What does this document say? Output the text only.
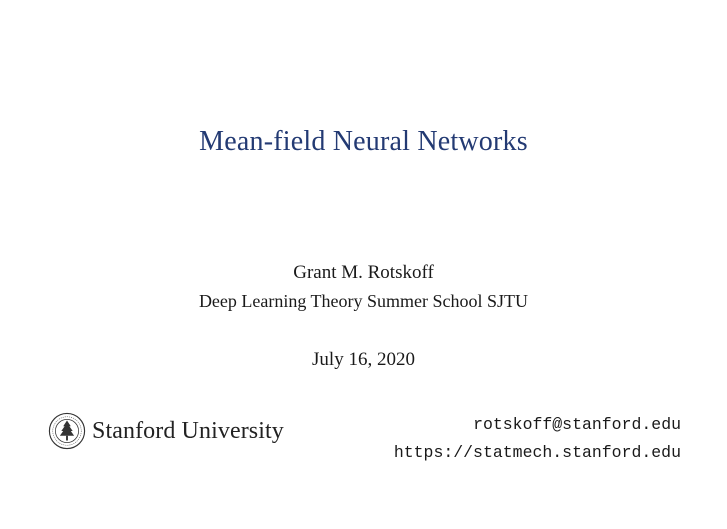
Mean-field Neural Networks
Grant M. Rotskoff
Deep Learning Theory Summer School SJTU
July 16, 2020
Stanford University	rotskoff@stanford.edu
https://statmech.stanford.edu
